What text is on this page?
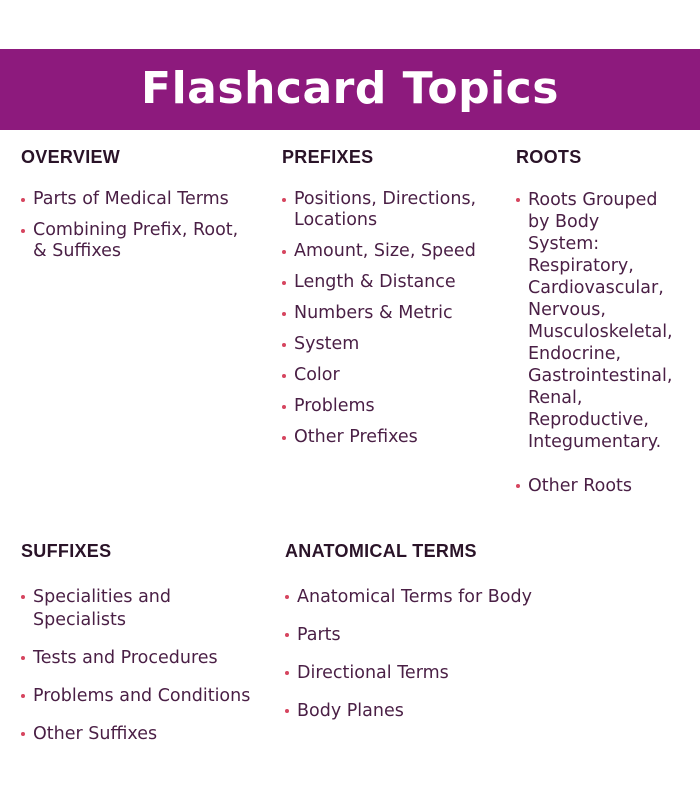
Flashcard Topics
OVERVIEW
Parts of Medical Terms
Combining Prefix, Root,
& Suffixes
PREFIXES
Positions, Directions,
Locations
Amount, Size, Speed
Length & Distance
Numbers & Metric
System
Color
Problems
Other Prefixes
ROOTS
Roots Grouped
by Body
System:
Respiratory,
Cardiovascular,
Nervous,
Musculoskeletal,
Endocrine,
Gastrointestinal,
Renal,
Reproductive,
Integumentary.
Other Roots
SUFFIXES
Specialities and
Specialists
Tests and Procedures
Problems and Conditions
Other Suffixes
ANATOMICAL TERMS
Anatomical Terms for Body
Parts
Directional Terms
Body Planes
